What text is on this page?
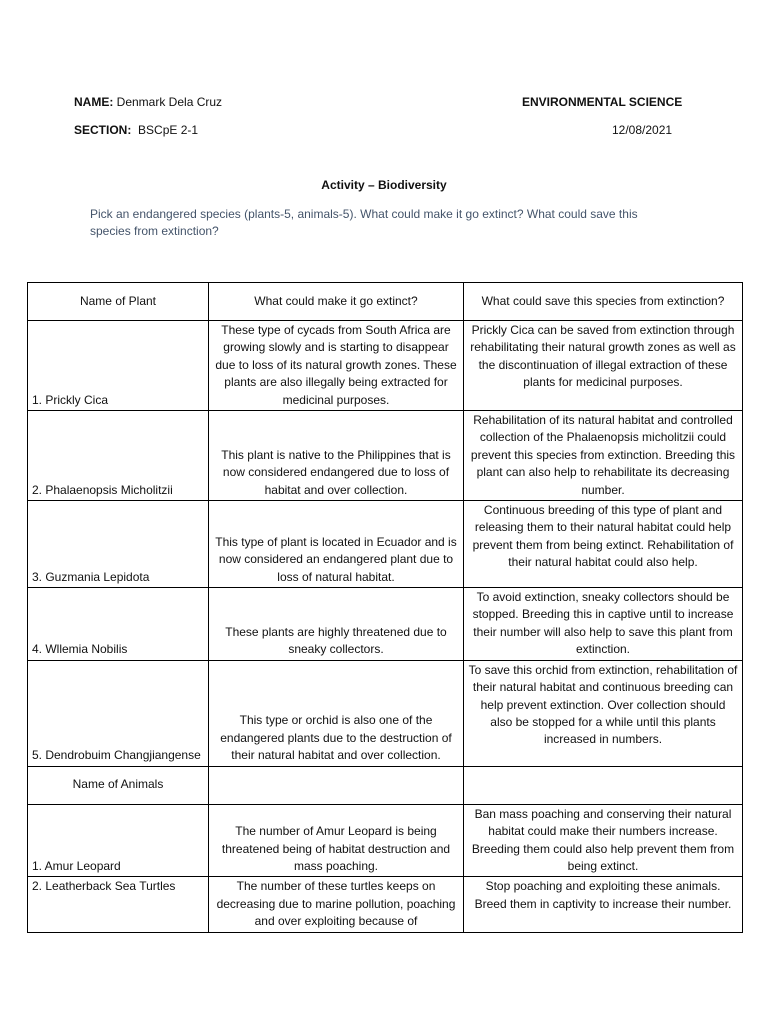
NAME: Denmark Dela Cruz	ENVIRONMENTAL SCIENCE
SECTION: BSCpE 2-1	12/08/2021
Activity – Biodiversity
Pick an endangered species (plants-5, animals-5). What could make it go extinct? What could save this species from extinction?
Name of Plant	What could make it go extinct?	What could save this species from extinction?
1. Prickly Cica	These type of cycads from South Africa are growing slowly and is starting to disappear due to loss of its natural growth zones. These plants are also illegally being extracted for medicinal purposes.	Prickly Cica can be saved from extinction through rehabilitating their natural growth zones as well as the discontinuation of illegal extraction of these plants for medicinal purposes.
2. Phalaenopsis Micholitzii	This plant is native to the Philippines that is now considered endangered due to loss of habitat and over collection.	Rehabilitation of its natural habitat and controlled collection of the Phalaenopsis micholitzii could prevent this species from extinction. Breeding this plant can also help to rehabilitate its decreasing number.
3. Guzmania Lepidota	This type of plant is located in Ecuador and is now considered an endangered plant due to loss of natural habitat.	Continuous breeding of this type of plant and releasing them to their natural habitat could help prevent them from being extinct. Rehabilitation of their natural habitat could also help.
4. Wllemia Nobilis	These plants are highly threatened due to sneaky collectors.	To avoid extinction, sneaky collectors should be stopped. Breeding this in captive until to increase their number will also help to save this plant from extinction.
5. Dendrobuim Changjiangense	This type or orchid is also one of the endangered plants due to the destruction of their natural habitat and over collection.	To save this orchid from extinction, rehabilitation of their natural habitat and continuous breeding can help prevent extinction. Over collection should also be stopped for a while until this plants increased in numbers.
Name of Animals		
1. Amur Leopard	The number of Amur Leopard is being threatened being of habitat destruction and mass poaching.	Ban mass poaching and conserving their natural habitat could make their numbers increase. Breeding them could also help prevent them from being extinct.
2. Leatherback Sea Turtles	The number of these turtles keeps on decreasing due to marine pollution, poaching and over exploiting because of	Stop poaching and exploiting these animals. Breed them in captivity to increase their number.
